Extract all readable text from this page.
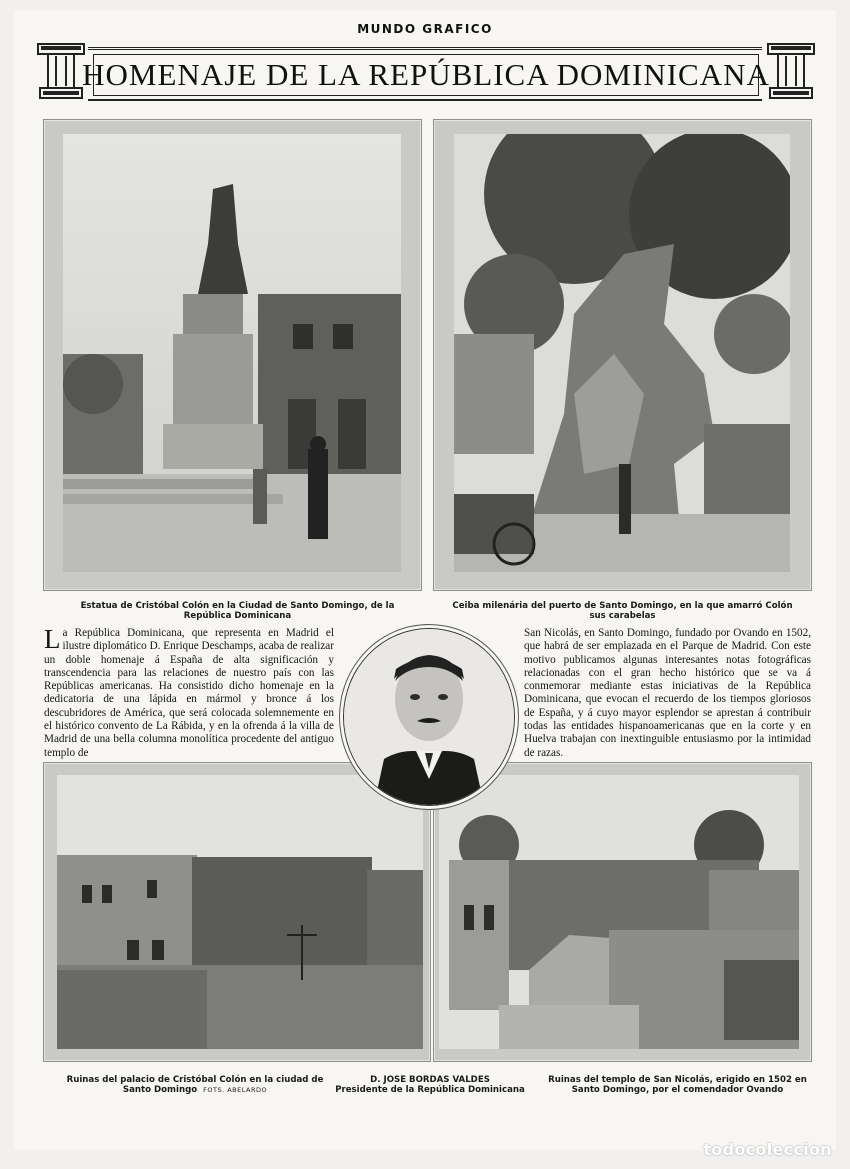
MUNDO GRAFICO
HOMENAJE DE LA REPÚBLICA DOMINICANA
Estatua de Cristóbal Colón en la Ciudad de Santo Domingo, de la República Dominicana
Ceiba milenária del puerto de Santo Domingo, en la que amarró Colón sus carabelas

La República Dominicana, que representa en Madrid el ilustre diplomático D. Enrique Deschamps, acaba de realizar un doble homenaje á España de alta significación y transcendencia para las relaciones de nuestro país con las Repúblicas americanas. Ha consistido dicho homenaje en la dedicatoria de una lápida en mármol y bronce á los descubridores de América, que será colocada solemnemente en el histórico convento de La Rábida, y en la ofrenda á la villa de Madrid de una bella columna monolítica procedente del antiguo templo de

San Nicolás, en Santo Domingo, fundado por Ovando en 1502, que habrá de ser emplazada en el Parque de Madrid. Con este motivo publicamos algunas interesantes notas fotográficas relacionadas con el gran hecho histórico que se va á conmemorar mediante estas iniciativas de la República Dominicana, que evocan el recuerdo de los tiempos gloriosos de España, y á cuyo mayor esplendor se aprestan á contribuir todas las entidades hispanoamericanas que en la corte y en Huelva trabajan con inextinguible entusiasmo por la intimidad de razas.

Ruinas del palacio de Cristóbal Colón en la ciudad de Santo Domingo FOTS. ABELARDO
D. JOSE BORDAS VALDES
Presidente de la República Dominicana
Ruinas del templo de San Nicolás, erigido en 1502 en Santo Domingo, por el comendador Ovando
todocoleccion
